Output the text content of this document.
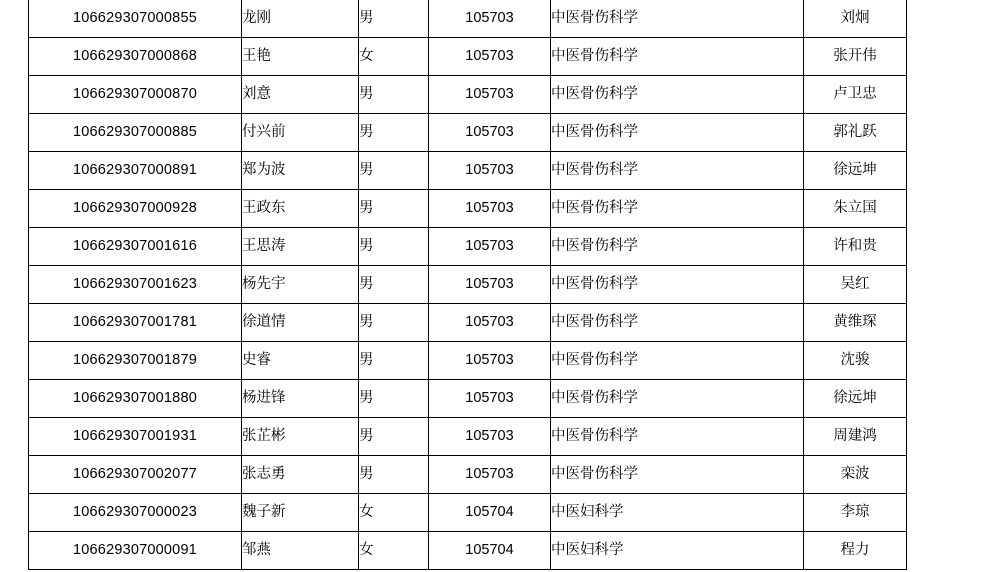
106629307000855	龙刚	男	105703	中医骨伤科学	刘炯
106629307000868	王艳	女	105703	中医骨伤科学	张开伟
106629307000870	刘意	男	105703	中医骨伤科学	卢卫忠
106629307000885	付兴前	男	105703	中医骨伤科学	郭礼跃
106629307000891	郑为波	男	105703	中医骨伤科学	徐远坤
106629307000928	王政东	男	105703	中医骨伤科学	朱立国
106629307001616	王思涛	男	105703	中医骨伤科学	许和贵
106629307001623	杨先宇	男	105703	中医骨伤科学	吴红
106629307001781	徐道情	男	105703	中医骨伤科学	黄维琛
106629307001879	史睿	男	105703	中医骨伤科学	沈骏
106629307001880	杨进锋	男	105703	中医骨伤科学	徐远坤
106629307001931	张芷彬	男	105703	中医骨伤科学	周建鸿
106629307002077	张志勇	男	105703	中医骨伤科学	栾波
106629307000023	魏子新	女	105704	中医妇科学	李琼
106629307000091	邹燕	女	105704	中医妇科学	程力
